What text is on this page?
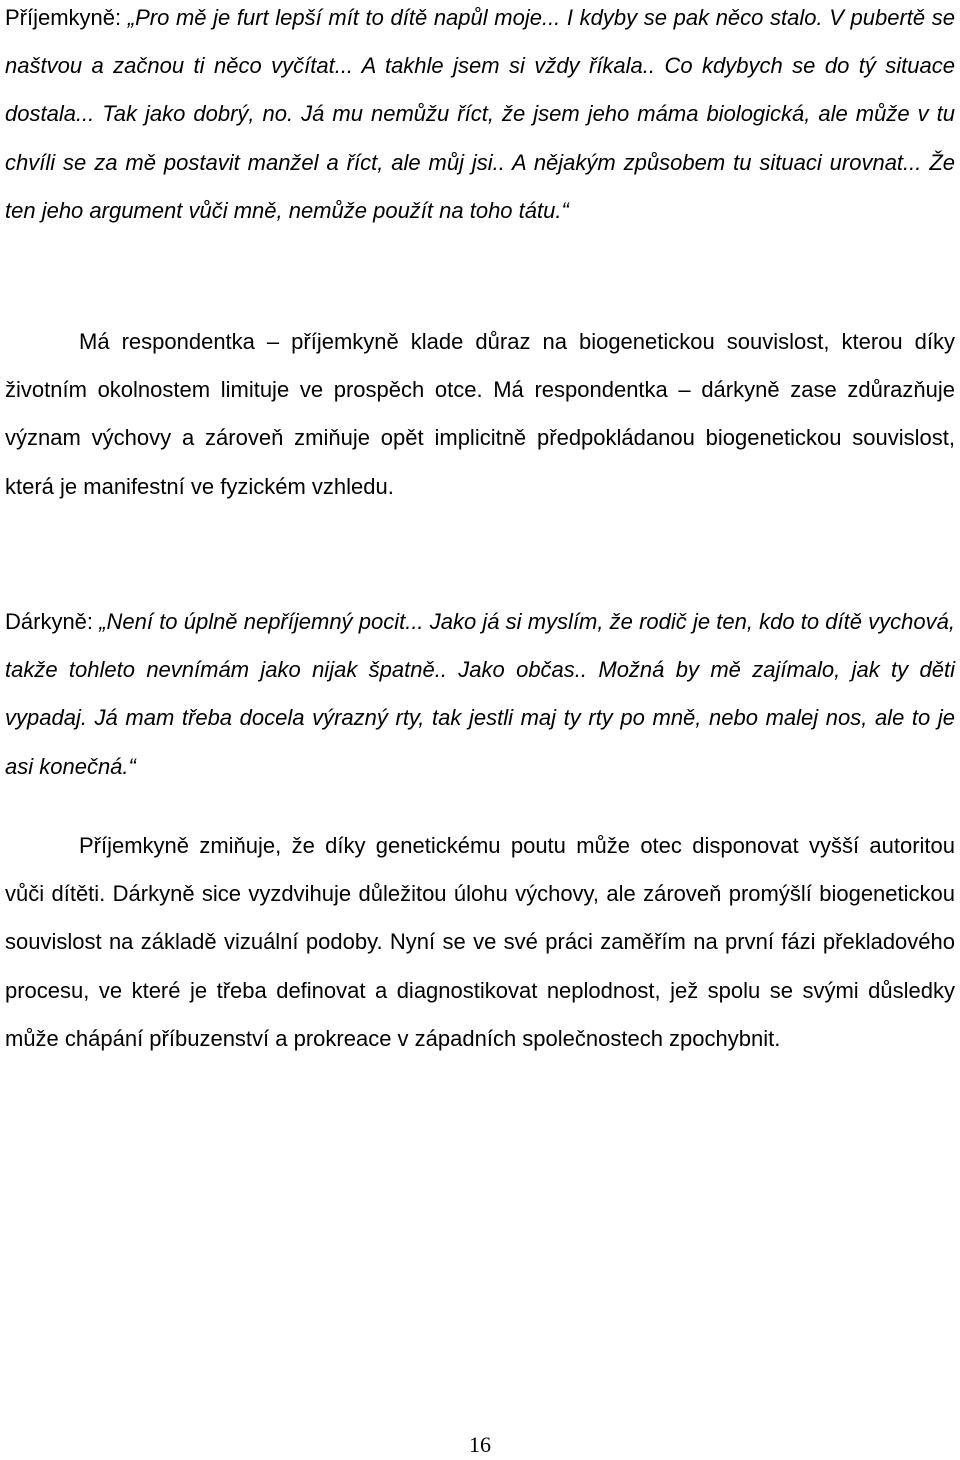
Příjemkyně: „Pro mě je furt lepší mít to dítě napůl moje... I kdyby se pak něco stalo. V pubertě se naštvou a začnou ti něco vyčítat... A takhle jsem si vždy říkala.. Co kdybych se do tý situace dostala... Tak jako dobrý, no. Já mu nemůžu říct, že jsem jeho máma biologická, ale může v tu chvíli se za mě postavit manžel a říct, ale můj jsi.. A nějakým způsobem tu situaci urovnat... Že ten jeho argument vůči mně, nemůže použít na toho tátu.“

Má respondentka – příjemkyně klade důraz na biogenetickou souvislost, kterou díky životním okolnostem limituje ve prospěch otce. Má respondentka – dárkyně zase zdůrazňuje význam výchovy a zároveň zmiňuje opět implicitně předpokládanou biogenetickou souvislost, která je manifestní ve fyzickém vzhledu.

Dárkyně: „Není to úplně nepříjemný pocit... Jako já si myslím, že rodič je ten, kdo to dítě vychová, takže tohleto nevnímám jako nijak špatně.. Jako občas.. Možná by mě zajímalo, jak ty děti vypadaj. Já mam třeba docela výrazný rty, tak jestli maj ty rty po mně, nebo malej nos, ale to je asi konečná.“

Příjemkyně zmiňuje, že díky genetickému poutu může otec disponovat vyšší autoritou vůči dítěti. Dárkyně sice vyzdvihuje důležitou úlohu výchovy, ale zároveň promýšlí biogenetickou souvislost na základě vizuální podoby. Nyní se ve své práci zaměřím na první fázi překladového procesu, ve které je třeba definovat a diagnostikovat neplodnost, jež spolu se svými důsledky může chápání příbuzenství a prokreace v západních společnostech zpochybnit.

16
